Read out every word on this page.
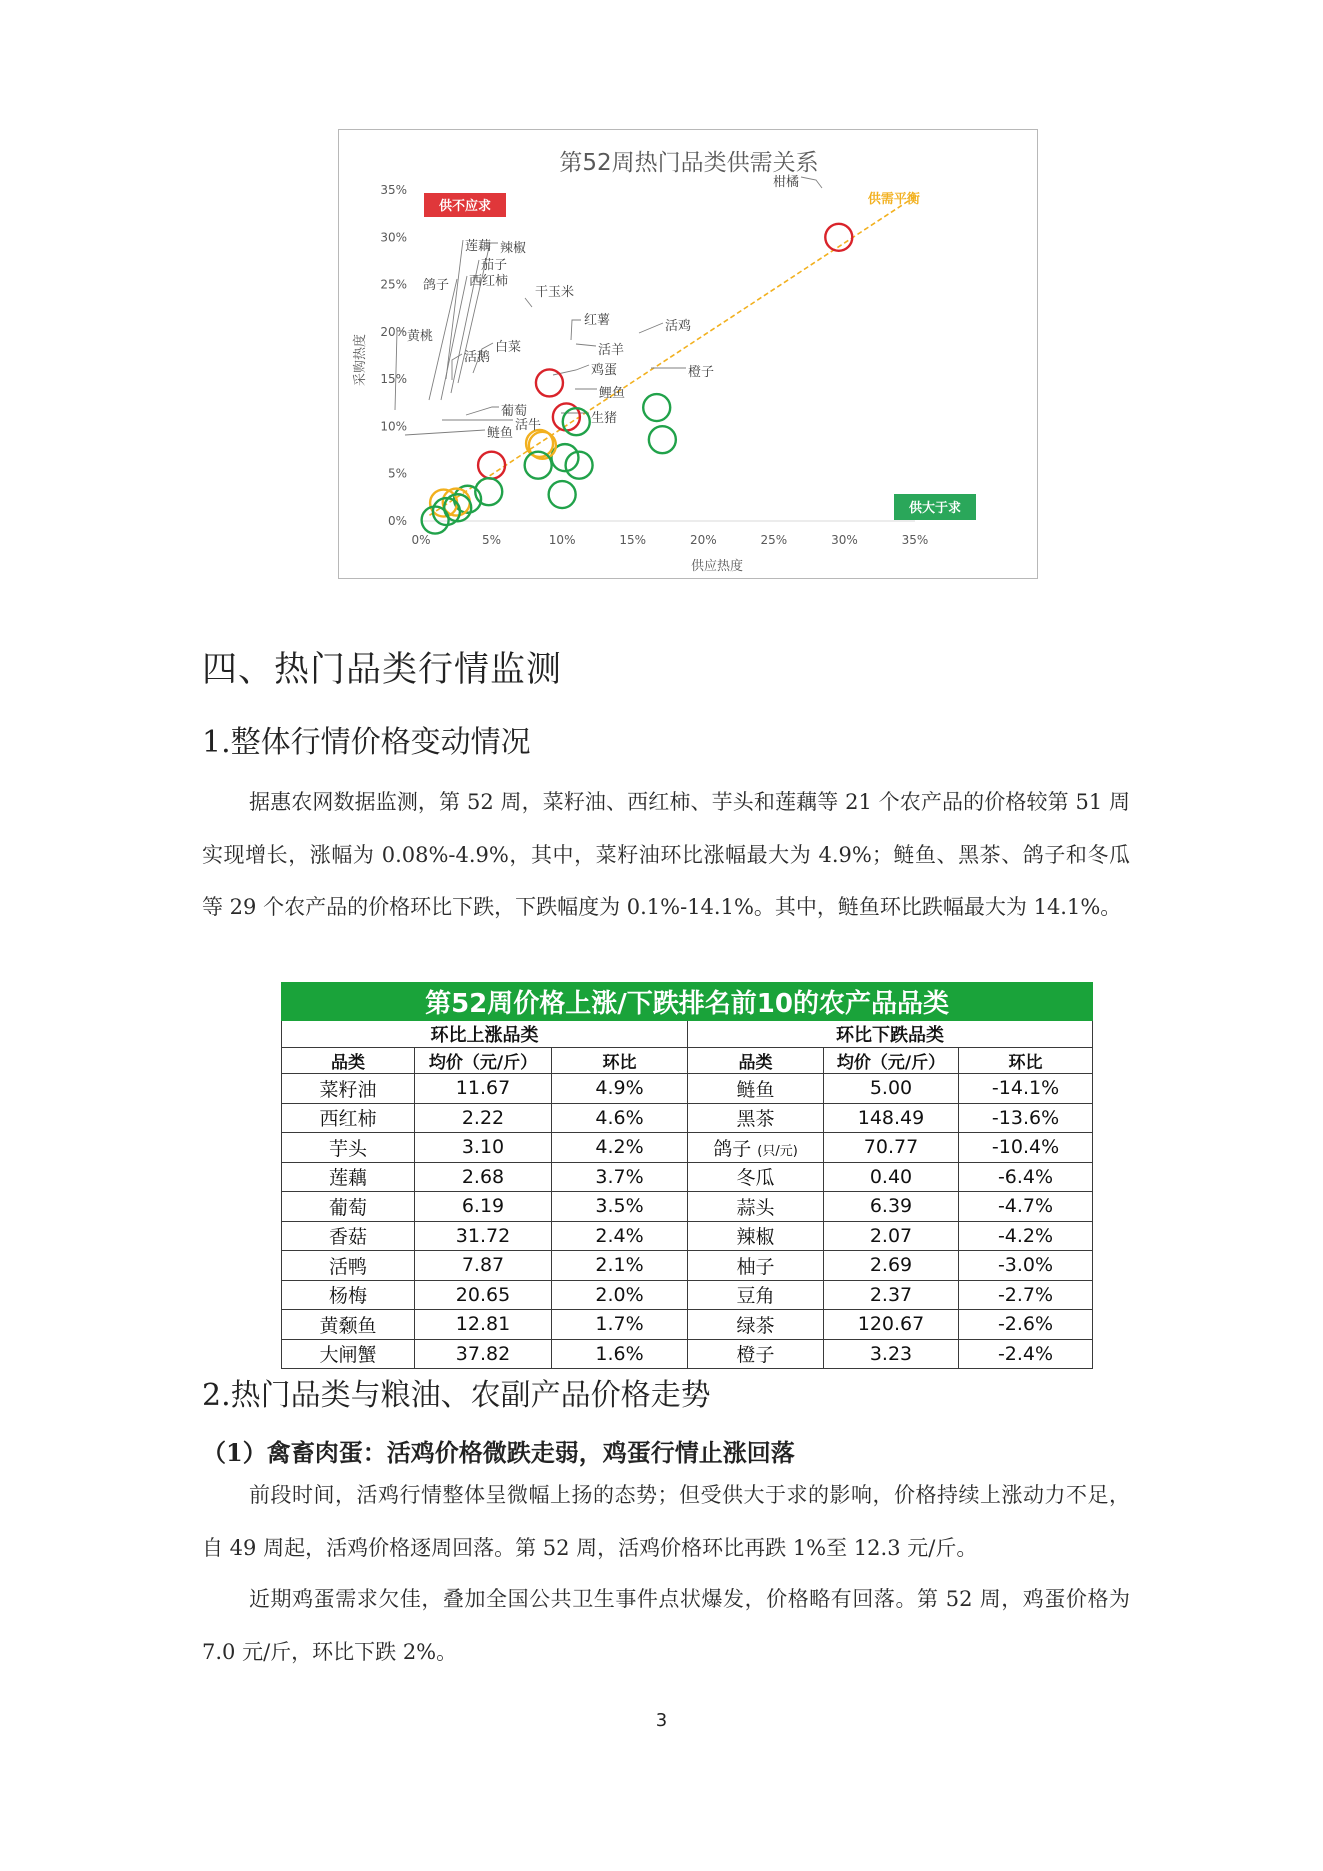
第52周热门品类供需关系
采购热度
供应热度
0%	5%	10%	15%	20%	25%	30%	35%
0%
5%
10%
15%
20%
25%
30%
35%
供需平衡
供不应求
供大于求
柑橘
干玉米
红薯	活鸡
橙子
活羊
鸡蛋
鲤鱼
生猪
白菜
活鹅
莲藕 辣椒
茄子
西红柿
鸽子
黄桃
葡萄
活牛
鲢鱼
四、热门品类行情监测
1.整体行情价格变动情况

据惠农网数据监测，第 52 周，菜籽油、西红柿、芋头和莲藕等 21 个农产品的价格较第 51 周实现增长，涨幅为 0.08%-4.9%，其中，菜籽油环比涨幅最大为 4.9%；鲢鱼、黑茶、鸽子和冬瓜等 29 个农产品的价格环比下跌，下跌幅度为 0.1%-14.1%。其中，鲢鱼环比跌幅最大为 14.1%。

第52周价格上涨/下跌排名前10的农产品品类					
环比上涨品类			环比下跌品类		
品类	均价（元/斤）	环比	品类	均价（元/斤）	环比
菜籽油	11.67	4.9%	鲢鱼	5.00	-14.1%
西红柿	2.22	4.6%	黑茶	148.49	-13.6%
芋头	3.10	4.2%	鸽子 (只/元)	70.77	-10.4%
莲藕	2.68	3.7%	冬瓜	0.40	-6.4%
葡萄	6.19	3.5%	蒜头	6.39	-4.7%
香菇	31.72	2.4%	辣椒	2.07	-4.2%
活鸭	7.87	2.1%	柚子	2.69	-3.0%
杨梅	20.65	2.0%	豆角	2.37	-2.7%
黄颡鱼	12.81	1.7%	绿茶	120.67	-2.6%
大闸蟹	37.82	1.6%	橙子	3.23	-2.4%
2.热门品类与粮油、农副产品价格走势
（1）禽畜肉蛋：活鸡价格微跌走弱，鸡蛋行情止涨回落

前段时间，活鸡行情整体呈微幅上扬的态势；但受供大于求的影响，价格持续上涨动力不足，自 49 周起，活鸡价格逐周回落。第 52 周，活鸡价格环比再跌 1%至 12.3 元/斤。

近期鸡蛋需求欠佳，叠加全国公共卫生事件点状爆发，价格略有回落。第 52 周，鸡蛋价格为 7.0 元/斤，环比下跌 2%。

3
